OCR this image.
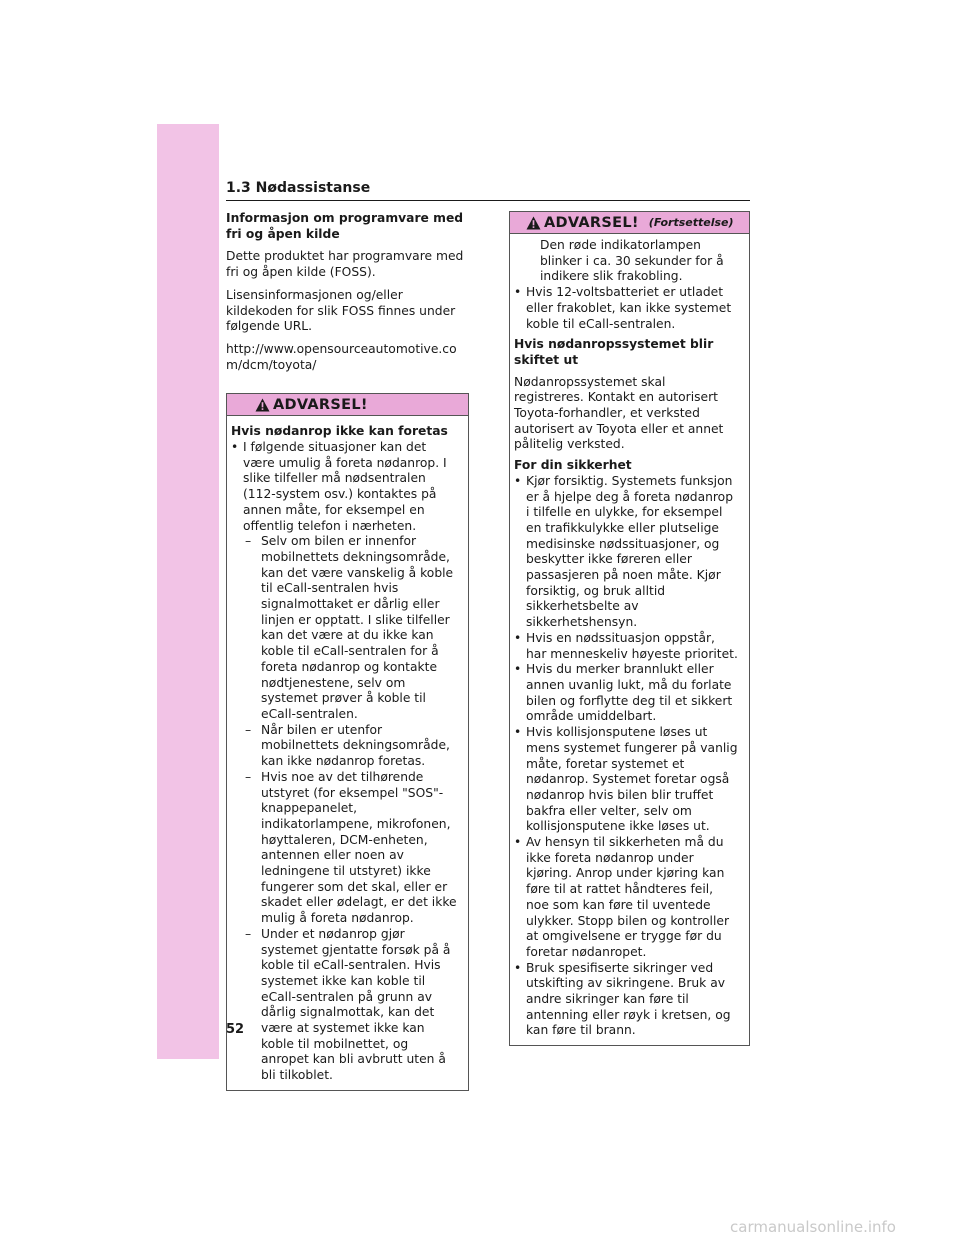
1.3 Nødassistanse

Informasjon om programvare med fri og åpen kilde

Dette produktet har programvare med fri og åpen kilde (FOSS).

Lisensinformasjonen og/eller kildekoden for slik FOSS finnes under følgende URL.

http://www.opensourceautomotive.com/dcm/toyota/

ADVARSEL!

Hvis nødanrop ikke kan foretas

• I følgende situasjoner kan det være umulig å foreta nødanrop. I slike tilfeller må nødsentralen (112-system osv.) kontaktes på annen måte, for eksempel en offentlig telefon i nærheten.
– Selv om bilen er innenfor mobilnettets dekningsområde, kan det være vanskelig å koble til eCall-sentralen hvis signalmottaket er dårlig eller linjen er opptatt. I slike tilfeller kan det være at du ikke kan koble til eCall-sentralen for å foreta nødanrop og kontakte nødtjenestene, selv om systemet prøver å koble til eCall-sentralen.
– Når bilen er utenfor mobilnettets dekningsområde, kan ikke nødanrop foretas.
– Hvis noe av det tilhørende utstyret (for eksempel "SOS"-knappepanelet, indikatorlampene, mikrofonen, høyttaleren, DCM-enheten, antennen eller noen av ledningene til utstyret) ikke fungerer som det skal, eller er skadet eller ødelagt, er det ikke mulig å foreta nødanrop.
– Under et nødanrop gjør systemet gjentatte forsøk på å koble til eCall-sentralen. Hvis systemet ikke kan koble til eCall-sentralen på grunn av dårlig signalmottak, kan det være at systemet ikke kan koble til mobilnettet, og anropet kan bli avbrutt uten å bli tilkoblet.
ADVARSEL! (Fortsettelse)

Den røde indikatorlampen blinker i ca. 30 sekunder for å indikere slik frakobling.

• Hvis 12-voltsbatteriet er utladet eller frakoblet, kan ikke systemet koble til eCall-sentralen.

Hvis nødanropssystemet blir skiftet ut

Nødanropssystemet skal registreres. Kontakt en autorisert Toyota-forhandler, et verksted autorisert av Toyota eller et annet pålitelig verksted.

For din sikkerhet

• Kjør forsiktig. Systemets funksjon er å hjelpe deg å foreta nødanrop i tilfelle en ulykke, for eksempel en trafikkulykke eller plutselige medisinske nødssituasjoner, og beskytter ikke føreren eller passasjeren på noen måte. Kjør forsiktig, og bruk alltid sikkerhetsbelte av sikkerhetshensyn.
• Hvis en nødssituasjon oppstår, har menneskeliv høyeste prioritet.
• Hvis du merker brannlukt eller annen uvanlig lukt, må du forlate bilen og forflytte deg til et sikkert område umiddelbart.
• Hvis kollisjonsputene løses ut mens systemet fungerer på vanlig måte, foretar systemet et nødanrop. Systemet foretar også nødanrop hvis bilen blir truffet bakfra eller velter, selv om kollisjonsputene ikke løses ut.
• Av hensyn til sikkerheten må du ikke foreta nødanrop under kjøring. Anrop under kjøring kan føre til at rattet håndteres feil, noe som kan føre til uventede ulykker. Stopp bilen og kontroller at omgivelsene er trygge før du foretar nødanropet.
• Bruk spesifiserte sikringer ved utskifting av sikringene. Bruk av andre sikringer kan føre til antenning eller røyk i kretsen, og kan føre til brann.
52
carmanualsonline.info
